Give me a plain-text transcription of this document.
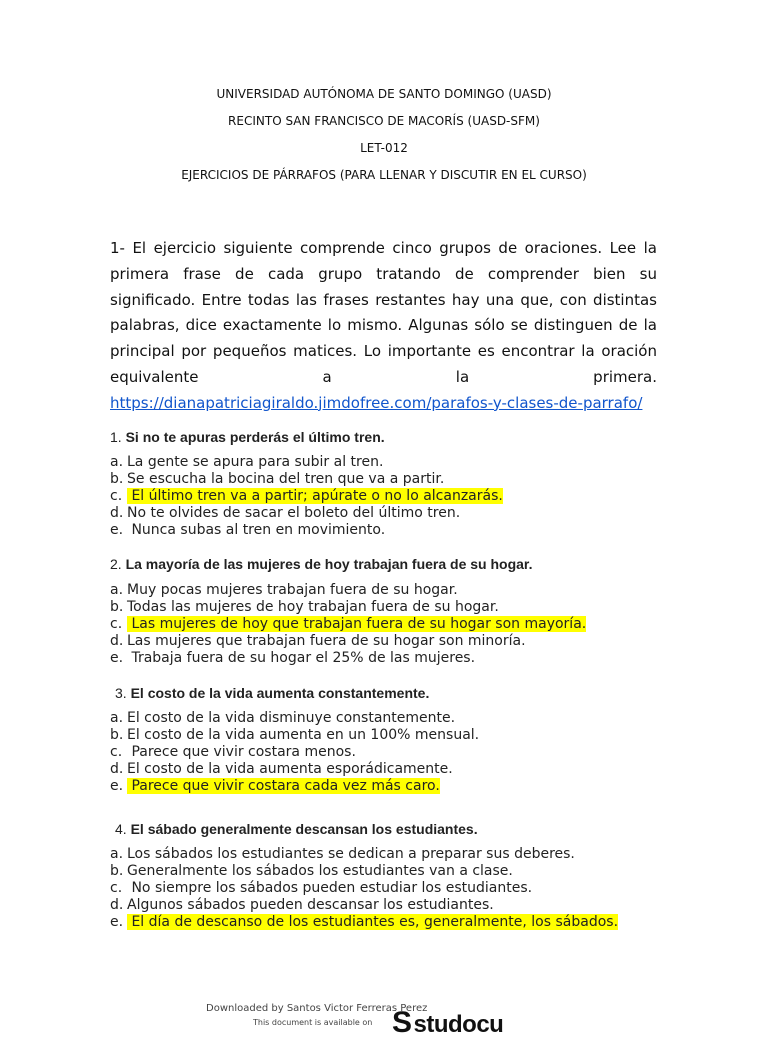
UNIVERSIDAD AUTÓNOMA DE SANTO DOMINGO (UASD)
RECINTO SAN FRANCISCO DE MACORÍS (UASD-SFM)
LET-012
EJERCICIOS DE PÁRRAFOS (PARA LLENAR Y DISCUTIR EN EL CURSO)

1- El ejercicio siguiente comprende cinco grupos de oraciones. Lee la primera frase de cada grupo tratando de comprender bien su significado. Entre todas las frases restantes hay una que, con distintas palabras, dice exactamente lo mismo. Algunas sólo se distinguen de la principal por pequeños matices. Lo importante es encontrar la oración equivalente a la primera.

https://dianapatriciagiraldo.jimdofree.com/parafos-y-clases-de-parrafo/
1. Si no te apuras perderás el último tren.
a. La gente se apura para subir al tren.
b. Se escucha la bocina del tren que va a partir.
c. El último tren va a partir; apúrate o no lo alcanzarás.
d. No te olvides de sacar el boleto del último tren.
e. Nunca subas al tren en movimiento.
2. La mayoría de las mujeres de hoy trabajan fuera de su hogar.
a. Muy pocas mujeres trabajan fuera de su hogar.
b. Todas las mujeres de hoy trabajan fuera de su hogar.
c. Las mujeres de hoy que trabajan fuera de su hogar son mayoría.
d. Las mujeres que trabajan fuera de su hogar son minoría.
e. Trabaja fuera de su hogar el 25% de las mujeres.
3. El costo de la vida aumenta constantemente.
a. El costo de la vida disminuye constantemente.
b. El costo de la vida aumenta en un 100% mensual.
c. Parece que vivir costara menos.
d. El costo de la vida aumenta esporádicamente.
e. Parece que vivir costara cada vez más caro.
4. El sábado generalmente descansan los estudiantes.
a. Los sábados los estudiantes se dedican a preparar sus deberes.
b. Generalmente los sábados los estudiantes van a clase.
c. No siempre los sábados pueden estudiar los estudiantes.
d. Algunos sábados pueden descansar los estudiantes.
e. El día de descanso de los estudiantes es, generalmente, los sábados.
Downloaded by Santos Victor Ferreras Perez
This document is available on Sstudocu
